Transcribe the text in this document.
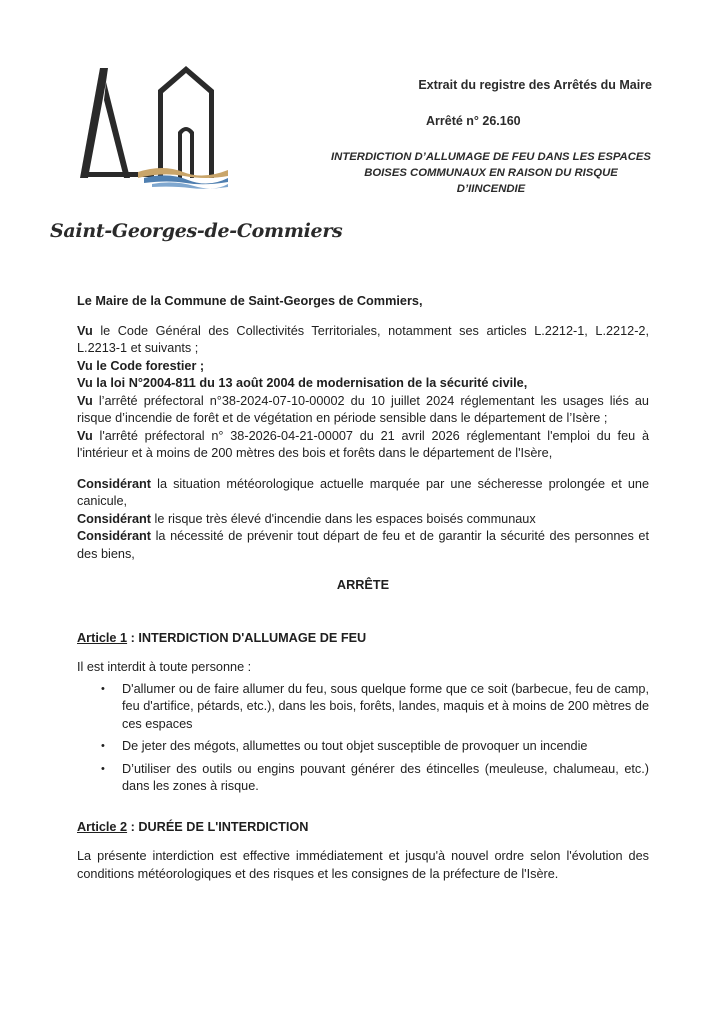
Saint-Georges-de-Commiers
Extrait du registre des Arrêtés du Maire
Arrêté n° 26.160
INTERDICTION D’ALLUMAGE DE FEU DANS LES ESPACES
BOISES COMMUNAUX EN RAISON DU RISQUE
D’IINCENDIE

Le Maire de la Commune de Saint-Georges de Commiers,

Vu le Code Général des Collectivités Territoriales, notamment ses articles L.2212-1, L.2212-2, L.2213-1 et suivants ;

Vu le Code forestier ;

Vu la loi N°2004-811 du 13 août 2004 de modernisation de la sécurité civile,

Vu l’arrêté préfectoral n°38-2024-07-10-00002 du 10 juillet 2024 réglementant les usages liés au risque d’incendie de forêt et de végétation en période sensible dans le département de l’Isère ;

Vu l'arrêté préfectoral n° 38-2026-04-21-00007 du 21 avril 2026 réglementant l'emploi du feu à l'intérieur et à moins de 200 mètres des bois et forêts dans le département de l'Isère,

Considérant la situation météorologique actuelle marquée par une sécheresse prolongée et une canicule,

Considérant le risque très élevé d'incendie dans les espaces boisés communaux

Considérant la nécessité de prévenir tout départ de feu et de garantir la sécurité des personnes et des biens,

ARRÊTE

Article 1 : INTERDICTION D'ALLUMAGE DE FEU

Il est interdit à toute personne :

• D'allumer ou de faire allumer du feu, sous quelque forme que ce soit (barbecue, feu de camp, feu d'artifice, pétards, etc.), dans les bois, forêts, landes, maquis et à moins de 200 mètres de ces espaces
• De jeter des mégots, allumettes ou tout objet susceptible de provoquer un incendie
• D’utiliser des outils ou engins pouvant générer des étincelles (meuleuse, chalumeau, etc.) dans les zones à risque.

Article 2 : DURÉE DE L'INTERDICTION

La présente interdiction est effective immédiatement et jusqu'à nouvel ordre selon l'évolution des conditions météorologiques et des risques et les consignes de la préfecture de l'Isère.
